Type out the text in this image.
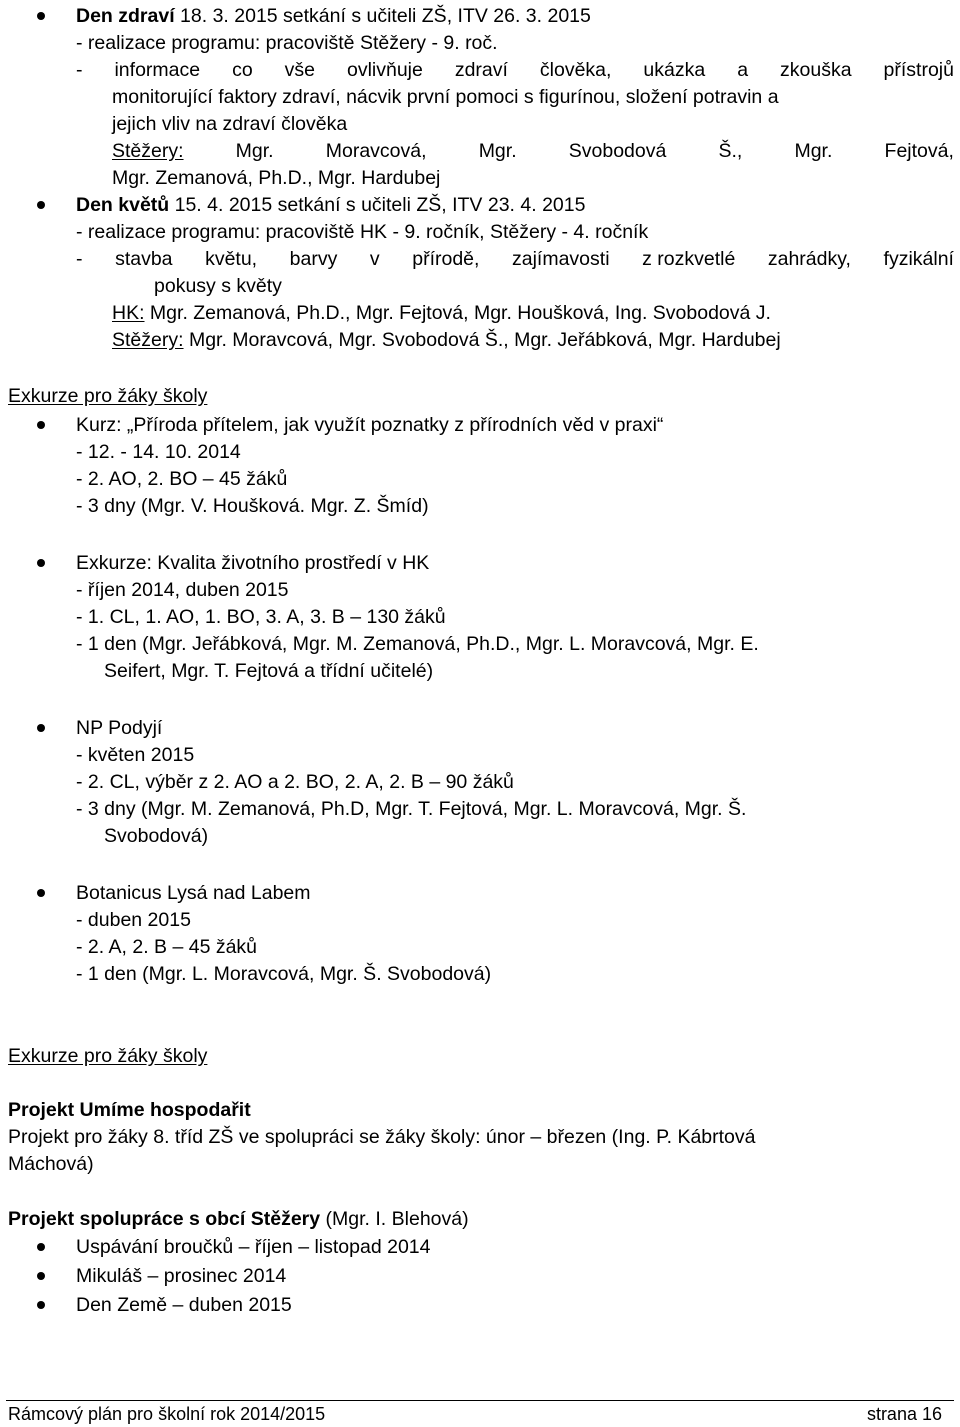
Den zdraví 18. 3. 2015 setkání s učiteli ZŠ, ITV 26. 3. 2015
- realizace programu: pracoviště Stěžery - 9. roč.
- informace co vše ovlivňuje zdraví člověka, ukázka a zkouška přístrojů
monitorující faktory zdraví, nácvik první pomoci s figurínou, složení potravin a
jejich vliv na zdraví člověka
Stěžery:	Mgr.	Moravcová,	Mgr.	Svobodová	Š.,	Mgr.	Fejtová,
Mgr. Zemanová, Ph.D., Mgr. Hardubej
Den květů 15. 4. 2015 setkání s učiteli ZŠ, ITV 23. 4. 2015
- realizace programu: pracoviště HK - 9. ročník, Stěžery - 4. ročník
- stavba květu, barvy v přírodě, zajímavosti z rozkvetlé zahrádky, fyzikální
pokusy s květy
HK: Mgr. Zemanová, Ph.D., Mgr. Fejtová, Mgr. Houšková, Ing. Svobodová J.
Stěžery: Mgr. Moravcová, Mgr. Svobodová Š., Mgr. Jeřábková, Mgr. Hardubej
Exkurze pro žáky školy
Kurz: „Příroda přítelem, jak využít poznatky z přírodních věd v praxi“
- 12. - 14. 10. 2014
- 2. AO, 2. BO – 45 žáků
- 3 dny (Mgr. V. Houšková. Mgr. Z. Šmíd)
Exkurze: Kvalita životního prostředí v HK
- říjen 2014, duben 2015
- 1. CL, 1. AO, 1. BO, 3. A, 3. B – 130 žáků
- 1 den (Mgr. Jeřábková, Mgr. M. Zemanová, Ph.D., Mgr. L. Moravcová, Mgr. E.
Seifert, Mgr. T. Fejtová a třídní učitelé)
NP Podyjí
- květen 2015
- 2. CL, výběr z 2. AO a 2. BO, 2. A, 2. B – 90 žáků
- 3 dny (Mgr. M. Zemanová, Ph.D, Mgr. T. Fejtová, Mgr. L. Moravcová, Mgr. Š.
Svobodová)
Botanicus Lysá nad Labem
- duben 2015
- 2. A, 2. B – 45 žáků
- 1 den (Mgr. L. Moravcová, Mgr. Š. Svobodová)
Exkurze pro žáky školy
Projekt Umíme hospodařit
Projekt pro žáky 8. tříd ZŠ ve spolupráci se žáky školy: únor – březen (Ing. P. Kábrtová
Máchová)
Projekt spolupráce s obcí Stěžery (Mgr. I. Blehová)
Uspávání broučků – říjen – listopad 2014
Mikuláš – prosinec 2014
Den Země – duben 2015
Rámcový plán pro školní rok 2014/2015	strana 16
